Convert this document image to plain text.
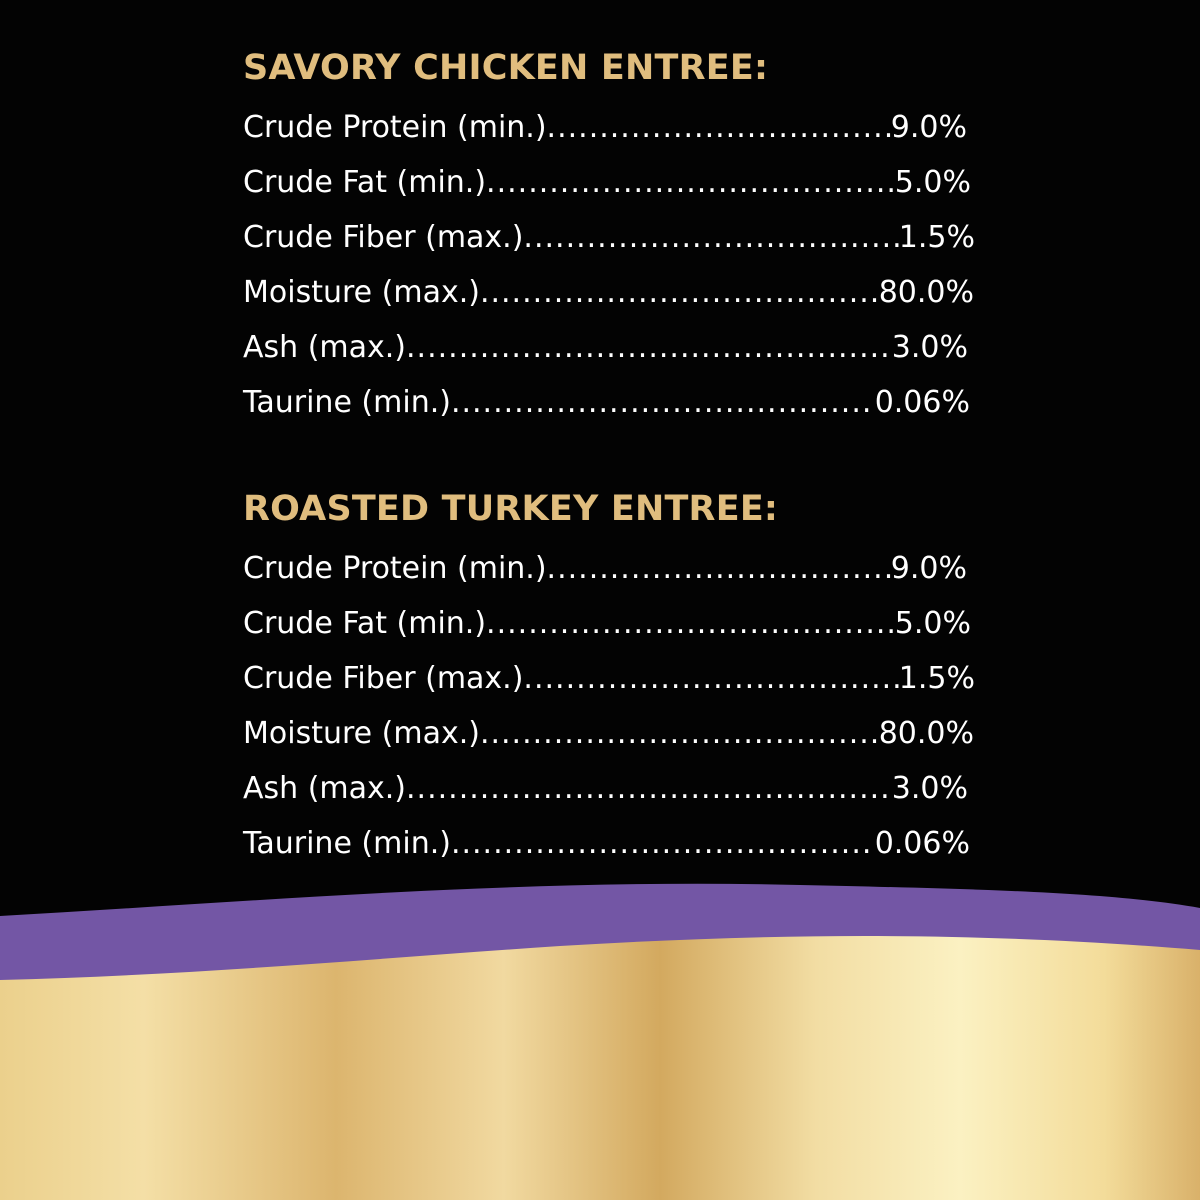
SAVORY CHICKEN ENTREE:
Crude Protein (min.) .....	9.0%
Crude Fat (min.) .....	5.0%
Crude Fiber (max.) .....	1.5%
Moisture (max.) .....	80.0%
Ash (max.) .....	3.0%
Taurine (min.) .....	0.06%
ROASTED TURKEY ENTREE:
Crude Protein (min.) .....	9.0%
Crude Fat (min.) .....	5.0%
Crude Fiber (max.) .....	1.5%
Moisture (max.) .....	80.0%
Ash (max.) .....	3.0%
Taurine (min.) .....	0.06%
